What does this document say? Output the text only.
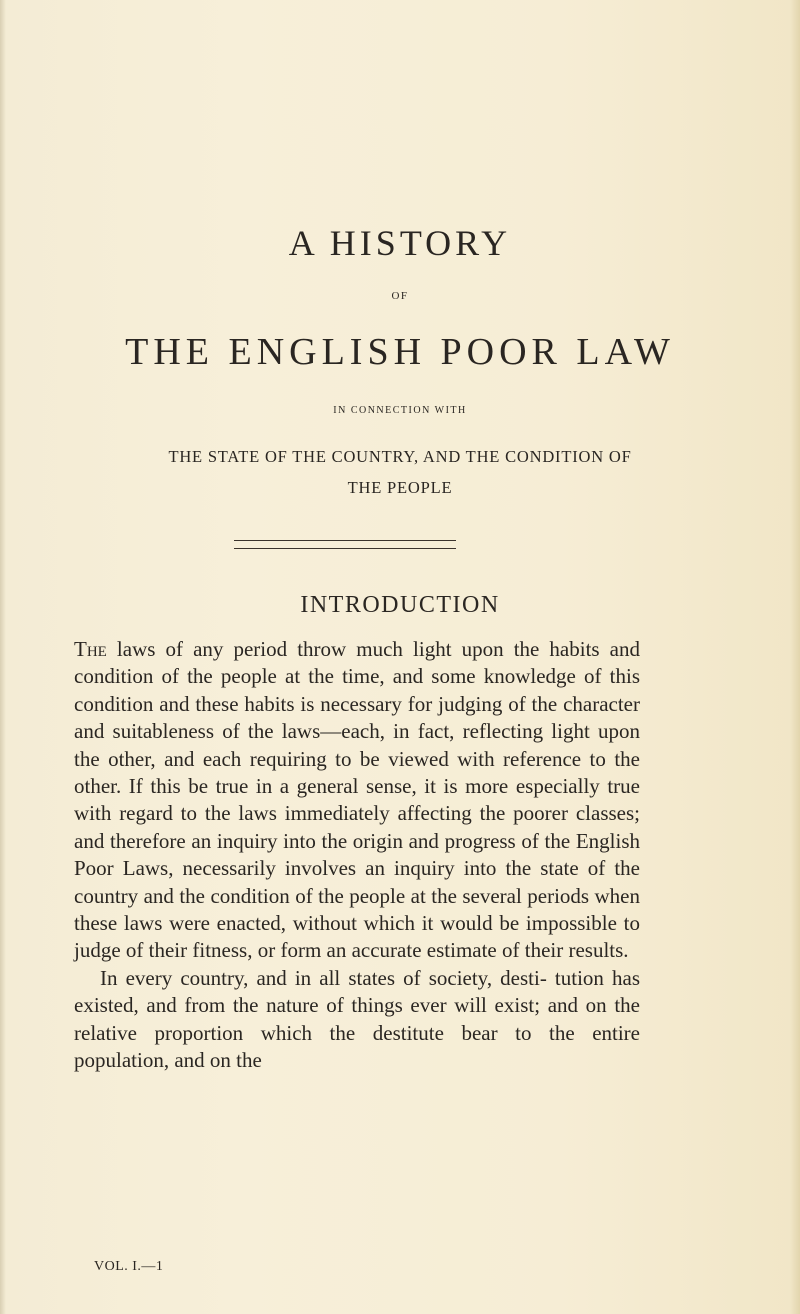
A HISTORY
OF
THE ENGLISH POOR LAW
IN CONNECTION WITH
THE STATE OF THE COUNTRY, AND THE CONDITION OF
THE PEOPLE
INTRODUCTION

The laws of any period throw much light upon the habits and condition of the people at the time, and some knowledge of this condition and these habits is necessary for judging of the character and suitableness of the laws—each, in fact, reflecting light upon the other, and each requiring to be viewed with reference to the other. If this be true in a general sense, it is more especially true with regard to the laws immediately affecting the poorer classes; and therefore an inquiry into the origin and progress of the English Poor Laws, necessarily involves an inquiry into the state of the country and the condition of the people at the several periods when these laws were enacted, without which it would be impossible to judge of their fitness, or form an accurate estimate of their results.

In every country, and in all states of society, desti- tution has existed, and from the nature of things ever will exist; and on the relative proportion which the destitute bear to the entire population, and on the

VOL. I.—1
